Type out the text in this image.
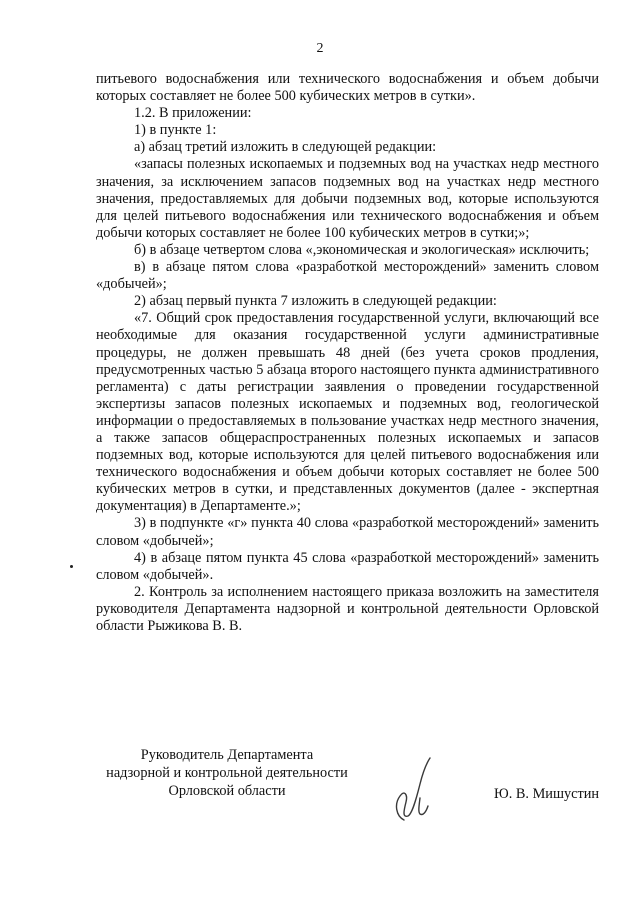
2

питьевого водоснабжения или технического водоснабжения и объем добычи которых составляет не более 500 кубических метров в сутки».

1.2. В приложении:

1) в пункте 1:

а) абзац третий изложить в следующей редакции:

«запасы полезных ископаемых и подземных вод на участках недр местного значения, за исключением запасов подземных вод на участках недр местного значения, предоставляемых для добычи подземных вод, которые используются для целей питьевого водоснабжения или технического водоснабжения и объем добычи которых составляет не более 100 кубических метров в сутки;»;

б) в абзаце четвертом слова «,экономическая и экологическая» исключить;

в) в абзаце пятом слова «разработкой месторождений» заменить словом «добычей»;

2) абзац первый пункта 7 изложить в следующей редакции:

«7. Общий срок предоставления государственной услуги, включающий все необходимые для оказания государственной услуги административные процедуры, не должен превышать 48 дней (без учета сроков продления, предусмотренных частью 5 абзаца второго настоящего пункта административного регламента) с даты регистрации заявления о проведении государственной экспертизы запасов полезных ископаемых и подземных вод, геологической информации о предоставляемых в пользование участках недр местного значения, а также запасов общераспространенных полезных ископаемых и запасов подземных вод, которые используются для целей питьевого водоснабжения или технического водоснабжения и объем добычи которых составляет не более 500 кубических метров в сутки, и представленных документов (далее - экспертная документация) в Департаменте.»;

3) в подпункте «г» пункта 40 слова «разработкой месторождений» заменить словом «добычей»;

4) в абзаце пятом пункта 45 слова «разработкой месторождений» заменить словом «добычей».

2. Контроль за исполнением настоящего приказа возложить на заместителя руководителя Департамента надзорной и контрольной деятельности Орловской области Рыжикова В. В.

Руководитель Департамента
надзорной и контрольной деятельности
Орловской области	Ю. В. Мишустин
